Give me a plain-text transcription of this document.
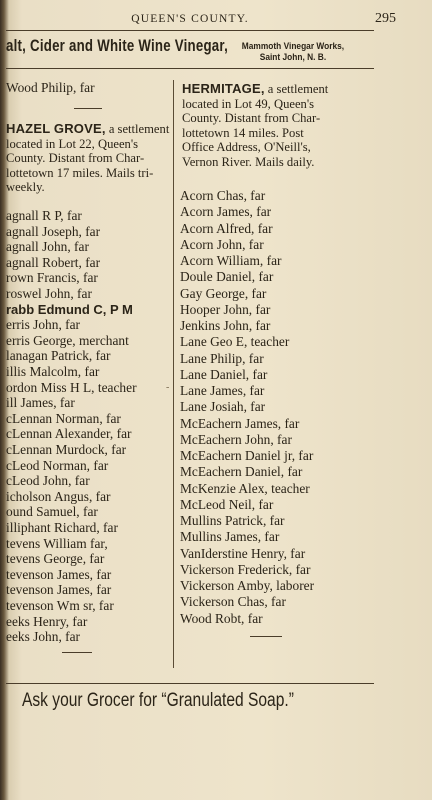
QUEEN'S COUNTY.	295
alt, Cider and White Wine Vinegar,	Mammoth Vinegar Works,
Saint John, N. B.
Wood Philip, far
HAZEL GROVE, a settlement
located in Lot 22, Queen's
County. Distant from Char-
lottetown 17 miles. Mails tri-
weekly.
agnall R P, far
agnall Joseph, far
agnall John, far
agnall Robert, far
rown Francis, far
roswel John, far
rabb Edmund C, P M
erris John, far
erris George, merchant
lanagan Patrick, far
illis Malcolm, far
ordon Miss H L, teacher
ill James, far
cLennan Norman, far
cLennan Alexander, far
cLennan Murdock, far
cLeod Norman, far
cLeod John, far
icholson Angus, far
ound Samuel, far
illiphant Richard, far
tevens William far,
tevens George, far
tevenson James, far
tevenson James, far
tevenson Wm sr, far
eeks Henry, far
eeks John, far
-
HERMITAGE, a settlement
located in Lot 49, Queen's
County. Distant from Char-
lottetown 14 miles. Post
Office Address, O'Neill's,
Vernon River. Mails daily.
Acorn Chas, far
Acorn James, far
Acorn Alfred, far
Acorn John, far
Acorn William, far
Doule Daniel, far
Gay George, far
Hooper John, far
Jenkins John, far
Lane Geo E, teacher
Lane Philip, far
Lane Daniel, far
Lane James, far
Lane Josiah, far
McEachern James, far
McEachern John, far
McEachern Daniel jr, far
McEachern Daniel, far
McKenzie Alex, teacher
McLeod Neil, far
Mullins Patrick, far
Mullins James, far
VanIderstine Henry, far
Vickerson Frederick, far
Vickerson Amby, laborer
Vickerson Chas, far
Wood Robt, far
Ask your Grocer for “Granulated Soap.”
